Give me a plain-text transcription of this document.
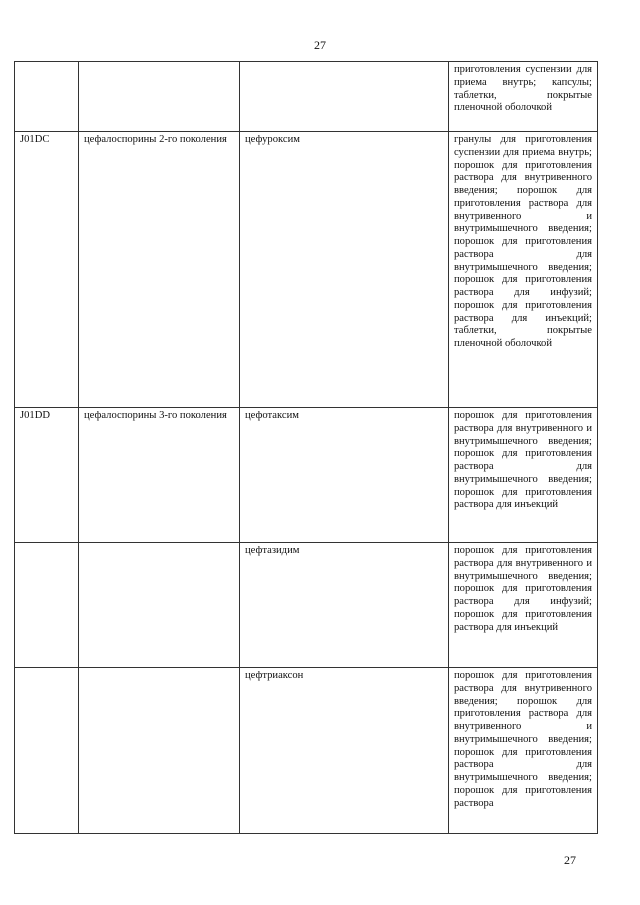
27
			приготовления суспензии для приема внутрь; капсулы; таблетки, покрытые пленочной оболочкой
J01DC	цефалоспорины 2-го поколения	цефуроксим	гранулы для приготовления суспензии для приема внутрь; порошок для приготовления раствора для внутривенного введения; порошок для приготовления раствора для внутривенного и внутримышечного введения; порошок для приготовления раствора для внутримышечного введения; порошок для приготовления раствора для инфузий; порошок для приготовления раствора для инъекций; таблетки, покрытые пленочной оболочкой
J01DD	цефалоспорины 3-го поколения	цефотаксим	порошок для приготовления раствора для внутривенного и внутримышечного введения; порошок для приготовления раствора для внутримышечного введения; порошок для приготовления раствора для инъекций
		цефтазидим	порошок для приготовления раствора для внутривенного и внутримышечного введения; порошок для приготовления раствора для инфузий; порошок для приготовления раствора для инъекций
		цефтриаксон	порошок для приготовления раствора для внутривенного введения; порошок для приготовления раствора для внутривенного и внутримышечного введения; порошок для приготовления раствора для внутримышечного введения; порошок для приготовления раствора
27
